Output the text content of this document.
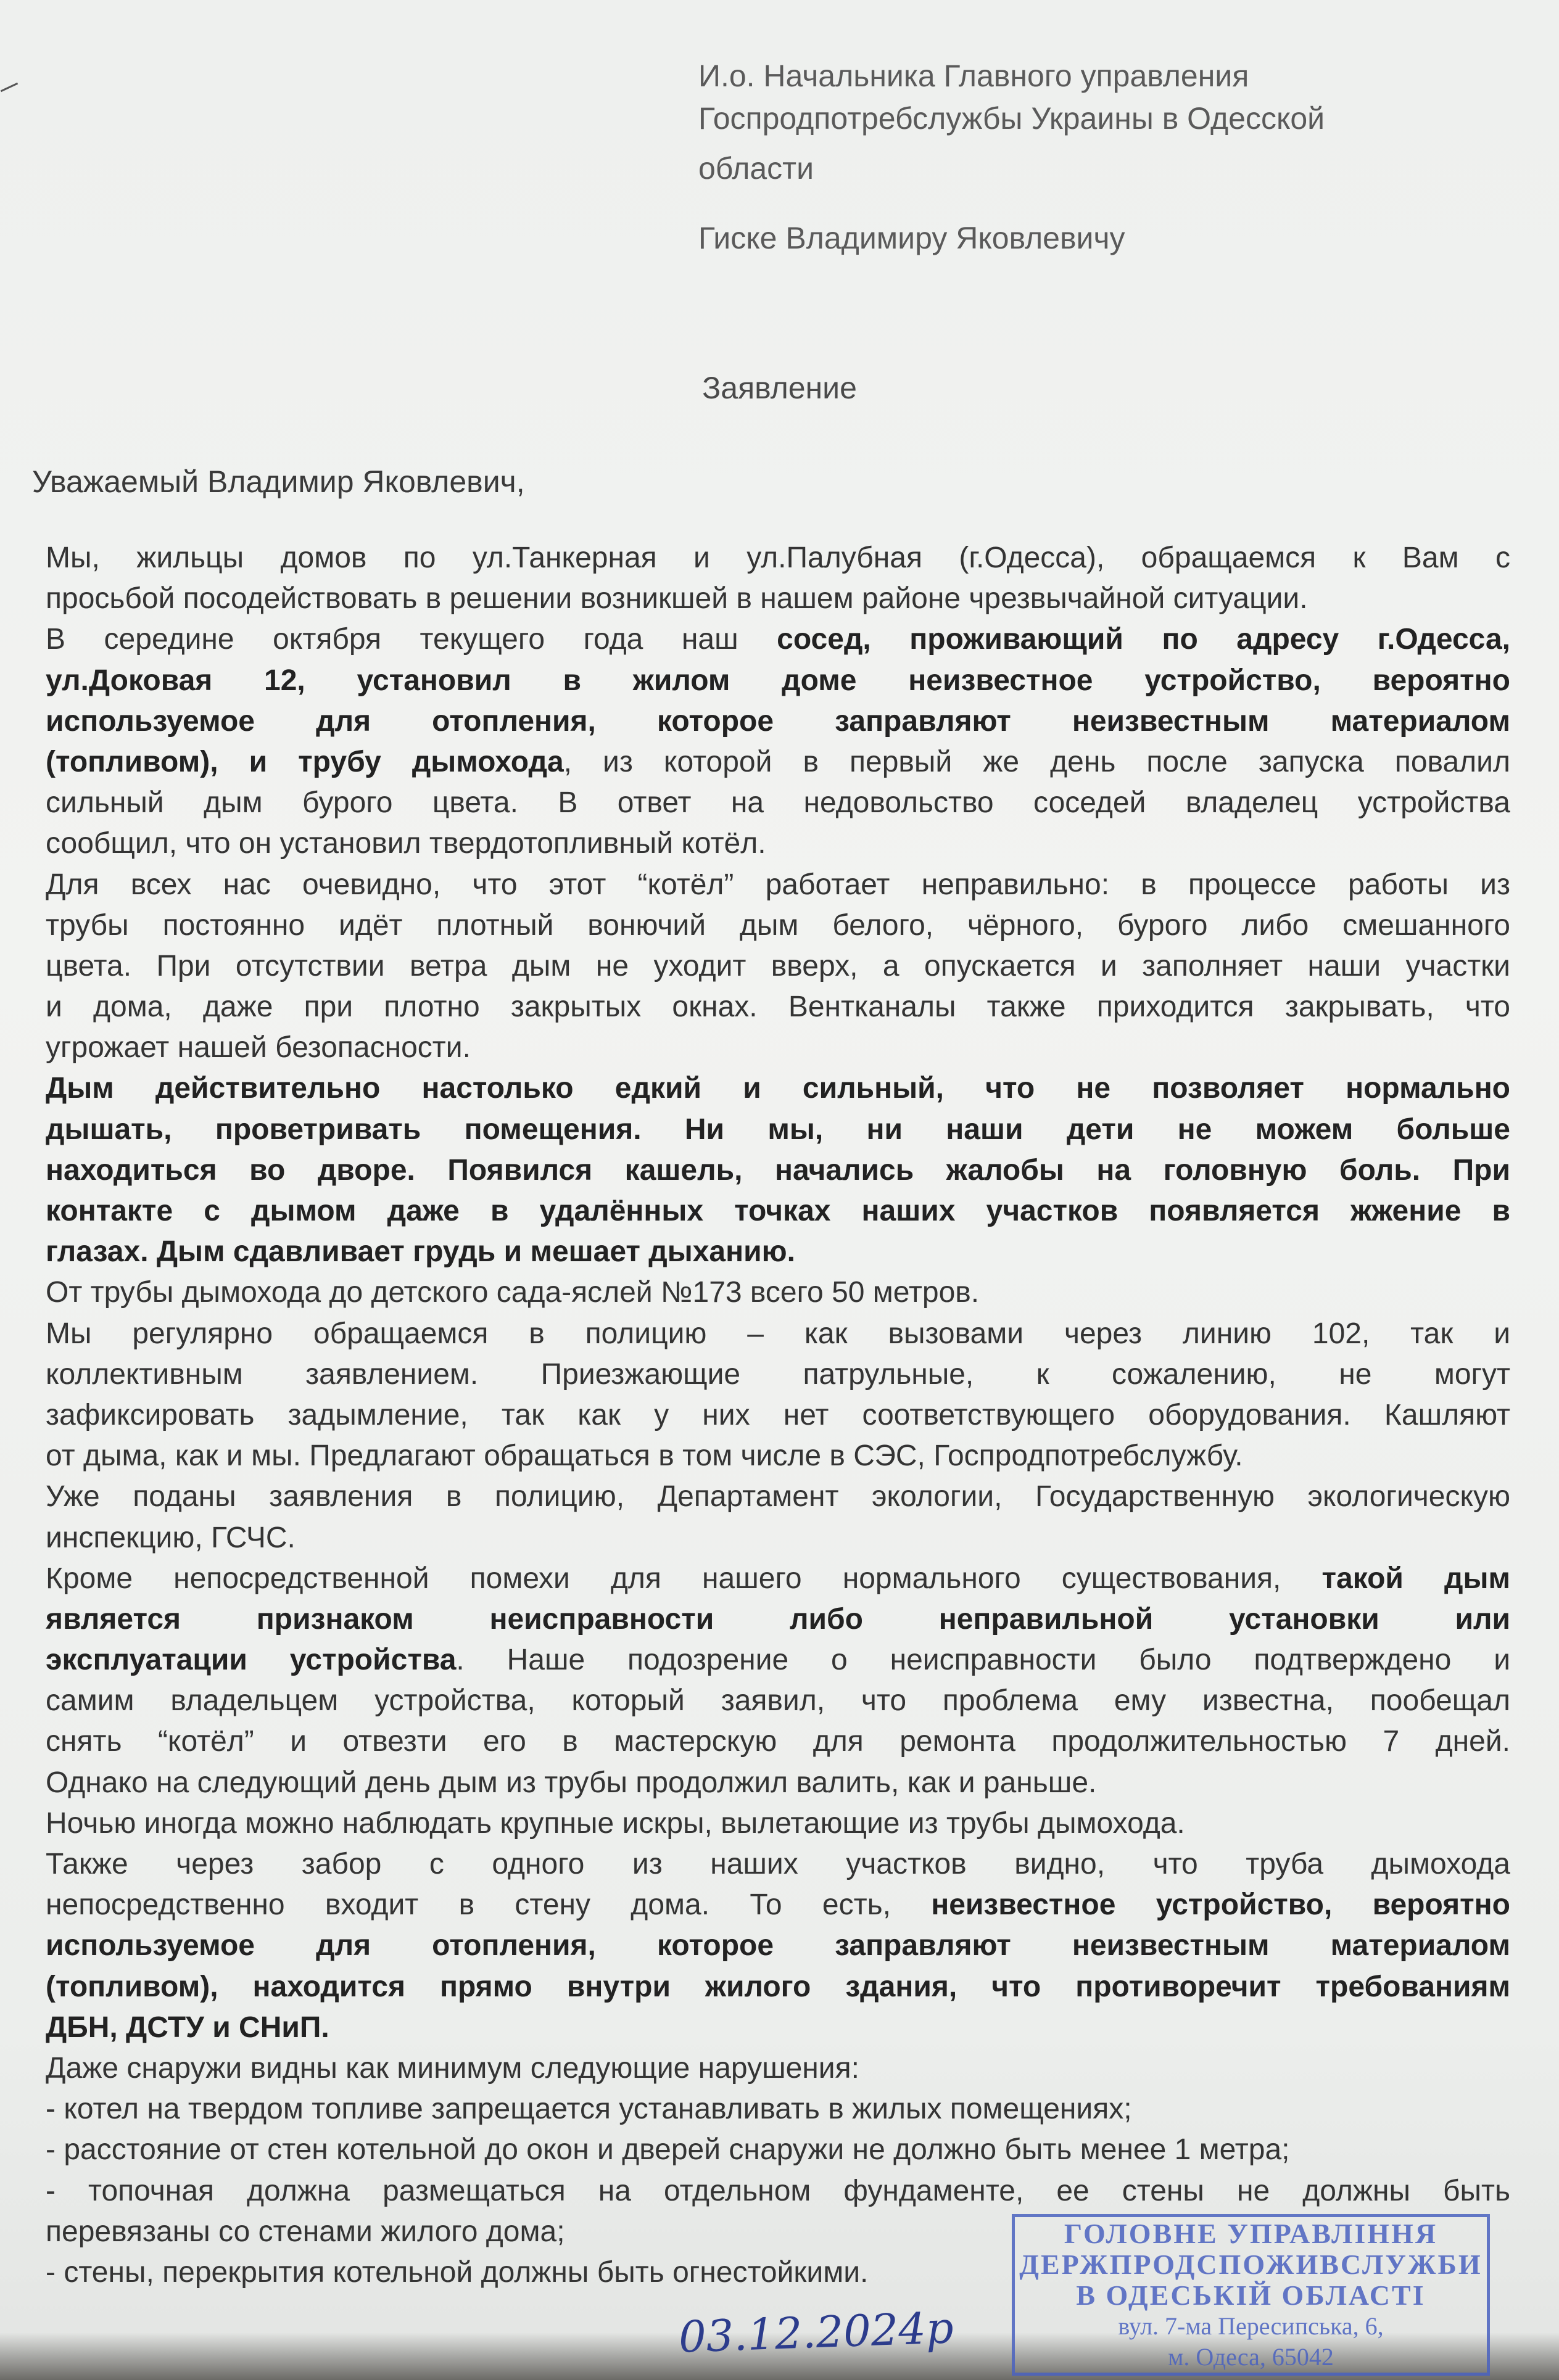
И.о. Начальника Главного управления
Госпродпотребслужбы Украины в Одесской
области
Гиске Владимиру Яковлевичу
Заявление
Уважаемый Владимир Яковлевич,
Мы, жильцы домов по ул.Танкерная и ул.Палубная (г.Одесса), обращаемся к Вам с
просьбой посодействовать в решении возникшей в нашем районе чрезвычайной ситуации.
В середине октября текущего года наш сосед, проживающий по адресу г.Одесса,
ул.Доковая 12, установил в жилом доме неизвестное устройство, вероятно
используемое для отопления, которое заправляют неизвестным материалом
(топливом), и трубу дымохода, из которой в первый же день после запуска повалил
сильный дым бурого цвета. В ответ на недовольство соседей владелец устройства
сообщил, что он установил твердотопливный котёл.
Для всех нас очевидно, что этот “котёл” работает неправильно: в процессе работы из
трубы постоянно идёт плотный вонючий дым белого, чёрного, бурого либо смешанного
цвета. При отсутствии ветра дым не уходит вверх, а опускается и заполняет наши участки
и дома, даже при плотно закрытых окнах. Вентканалы также приходится закрывать, что
угрожает нашей безопасности.
Дым действительно настолько едкий и сильный, что не позволяет нормально
дышать, проветривать помещения. Ни мы, ни наши дети не можем больше
находиться во дворе. Появился кашель, начались жалобы на головную боль. При
контакте с дымом даже в удалённых точках наших участков появляется жжение в
глазах. Дым сдавливает грудь и мешает дыханию.
От трубы дымохода до детского сада-яслей №173 всего 50 метров.
Мы регулярно обращаемся в полицию – как вызовами через линию 102, так и
коллективным заявлением. Приезжающие патрульные, к сожалению, не могут
зафиксировать задымление, так как у них нет соответствующего оборудования. Кашляют
от дыма, как и мы. Предлагают обращаться в том числе в СЭС, Госпродпотребслужбу.
Уже поданы заявления в полицию, Департамент экологии, Государственную экологическую
инспекцию, ГСЧС.
Кроме непосредственной помехи для нашего нормального существования, такой дым
является признаком неисправности либо неправильной установки или
эксплуатации устройства. Наше подозрение о неисправности было подтверждено и
самим владельцем устройства, который заявил, что проблема ему известна, пообещал
снять “котёл” и отвезти его в мастерскую для ремонта продолжительностью 7 дней.
Однако на следующий день дым из трубы продолжил валить, как и раньше.
Ночью иногда можно наблюдать крупные искры, вылетающие из трубы дымохода.
Также через забор с одного из наших участков видно, что труба дымохода
непосредственно входит в стену дома. То есть, неизвестное устройство, вероятно
используемое для отопления, которое заправляют неизвестным материалом
(топливом), находится прямо внутри жилого здания, что противоречит требованиям
ДБН, ДСТУ и СНиП.
Даже снаружи видны как минимум следующие нарушения:
- котел на твердом топливе запрещается устанавливать в жилых помещениях;
- расстояние от стен котельной до окон и дверей снаружи не должно быть менее 1 метра;
- топочная должна размещаться на отдельном фундаменте, ее стены не должны быть
перевязаны со стенами жилого дома;
- стены, перекрытия котельной должны быть огнестойкими.
ГОЛОВНЕ УПРАВЛІННЯ
ДЕРЖПРОДСПОЖИВСЛУЖБИ
В ОДЕСЬКІЙ ОБЛАСТІ
вул. 7-ма Пересипська, 6,
м. Одеса, 65042
03.12.2024р
